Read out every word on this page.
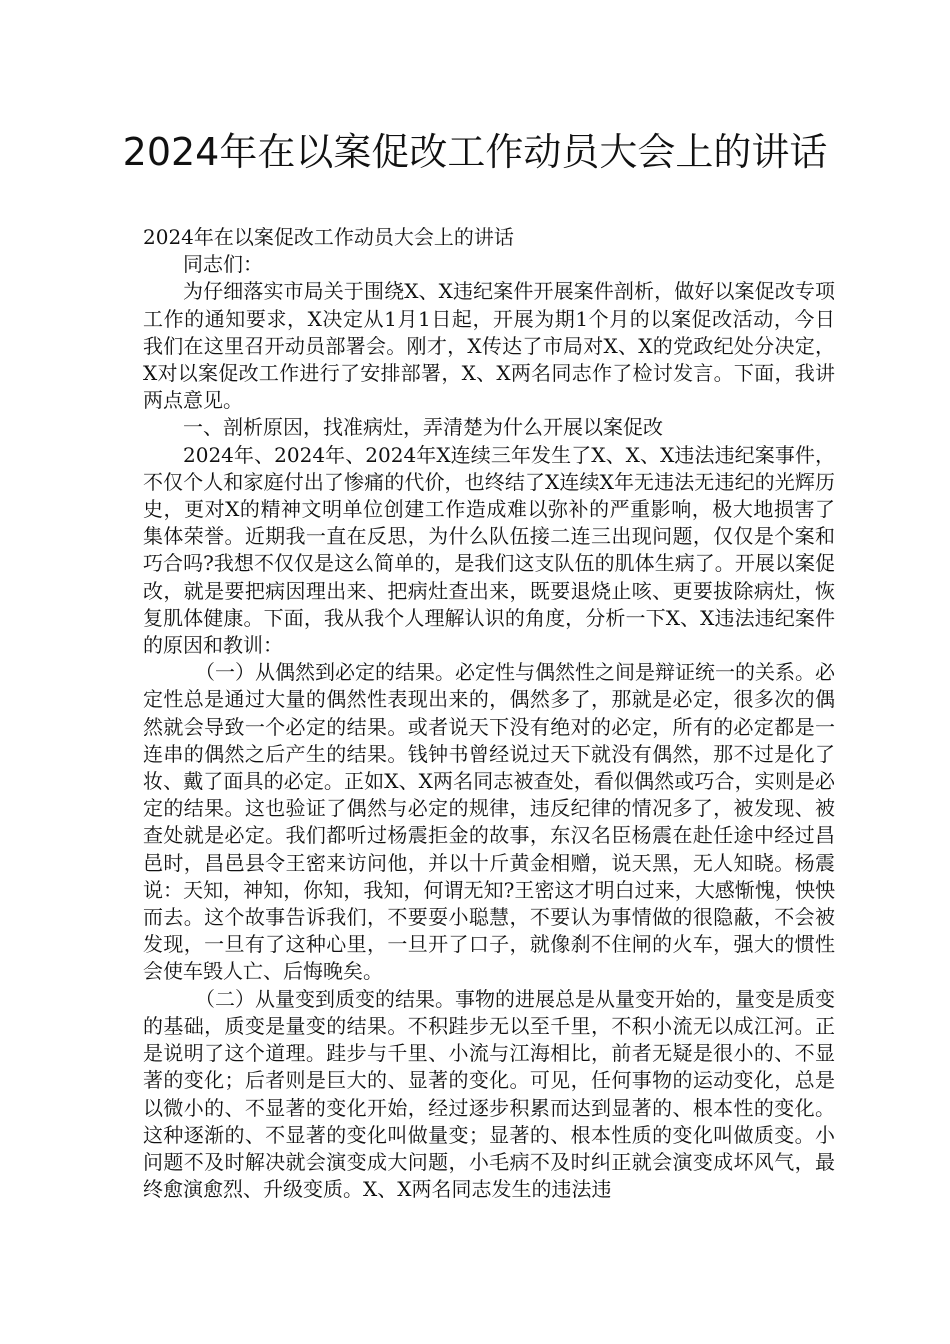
2024年在以案促改工作动员大会上的讲话

2024年在以案促改工作动员大会上的讲话

同志们：

为仔细落实市局关于围绕X、X违纪案件开展案件剖析，做好以案促改专项工作的通知要求，X决定从1月1日起，开展为期1个月的以案促改活动，今日我们在这里召开动员部署会。刚才，X传达了市局对X、X的党政纪处分决定，X对以案促改工作进行了安排部署，X、X两名同志作了检讨发言。下面，我讲两点意见。

一、剖析原因，找准病灶，弄清楚为什么开展以案促改

2024年、2024年、2024年X连续三年发生了X、X、X违法违纪案事件，不仅个人和家庭付出了惨痛的代价，也终结了X连续X年无违法无违纪的光辉历史，更对X的精神文明单位创建工作造成难以弥补的严重影响，极大地损害了集体荣誉。近期我一直在反思，为什么队伍接二连三出现问题，仅仅是个案和巧合吗?我想不仅仅是这么简单的，是我们这支队伍的肌体生病了。开展以案促改，就是要把病因理出来、把病灶查出来，既要退烧止咳、更要拔除病灶，恢复肌体健康。下面，我从我个人理解认识的角度，分析一下X、X违法违纪案件的原因和教训：

（一）从偶然到必定的结果。必定性与偶然性之间是辩证统一的关系。必定性总是通过大量的偶然性表现出来的，偶然多了，那就是必定，很多次的偶然就会导致一个必定的结果。或者说天下没有绝对的必定，所有的必定都是一连串的偶然之后产生的结果。钱钟书曾经说过天下就没有偶然，那不过是化了妆、戴了面具的必定。正如X、X两名同志被查处，看似偶然或巧合，实则是必定的结果。这也验证了偶然与必定的规律，违反纪律的情况多了，被发现、被查处就是必定。我们都听过杨震拒金的故事，东汉名臣杨震在赴任途中经过昌邑时，昌邑县令王密来访问他，并以十斤黄金相赠，说天黑，无人知晓。杨震说：天知，神知，你知，我知，何谓无知?王密这才明白过来，大感惭愧，怏怏而去。这个故事告诉我们，不要耍小聪慧，不要认为事情做的很隐蔽，不会被发现，一旦有了这种心里，一旦开了口子，就像刹不住闸的火车，强大的惯性会使车毁人亡、后悔晚矣。

（二）从量变到质变的结果。事物的进展总是从量变开始的，量变是质变的基础，质变是量变的结果。不积跬步无以至千里，不积小流无以成江河。正是说明了这个道理。跬步与千里、小流与江海相比，前者无疑是很小的、不显著的变化；后者则是巨大的、显著的变化。可见，任何事物的运动变化，总是以微小的、不显著的变化开始，经过逐步积累而达到显著的、根本性的变化。这种逐渐的、不显著的变化叫做量变；显著的、根本性质的变化叫做质变。小问题不及时解决就会演变成大问题，小毛病不及时纠正就会演变成坏风气，最终愈演愈烈、升级变质。X、X两名同志发生的违法违
